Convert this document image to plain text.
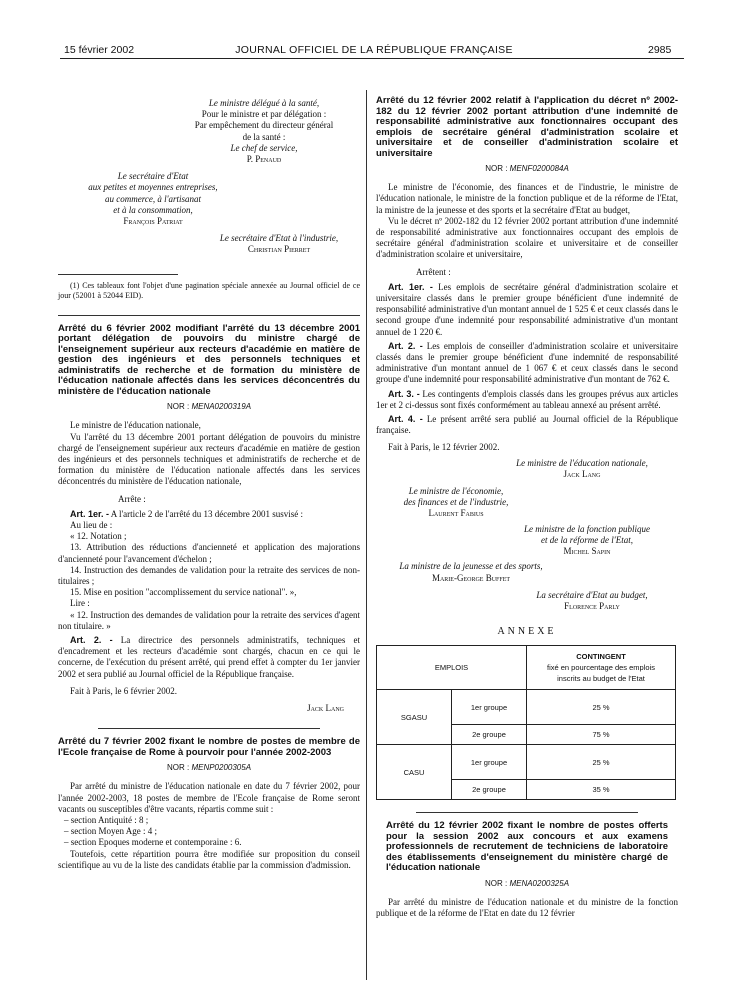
15 février 2002	JOURNAL OFFICIEL DE LA RÉPUBLIQUE FRANÇAISE	2985
Le ministre délégué à la santé,
Pour le ministre et par délégation :
Par empêchement du directeur général
de la santé :
Le chef de service,
P. Penaud
Le secrétaire d'Etat
aux petites et moyennes entreprises,
au commerce, à l'artisanat
et à la consommation,
François Patriat
Le secrétaire d'Etat à l'industrie,
Christian Pierret

(1) Ces tableaux font l'objet d'une pagination spéciale annexée au Journal officiel de ce jour (52001 à 52044 EID).

Arrêté du 6 février 2002 modifiant l'arrêté du 13 décembre 2001 portant délégation de pouvoirs du ministre chargé de l'enseignement supérieur aux recteurs d'académie en matière de gestion des ingénieurs et des personnels techniques et administratifs de recherche et de formation du ministère de l'éducation nationale affectés dans les services déconcentrés du ministère de l'éducation nationale

NOR : MENA0200319A

Le ministre de l'éducation nationale,

Vu l'arrêté du 13 décembre 2001 portant délégation de pouvoirs du ministre chargé de l'enseignement supérieur aux recteurs d'académie en matière de gestion des ingénieurs et des personnels techniques et administratifs de recherche et de formation du ministère de l'éducation nationale affectés dans les services déconcentrés du ministère de l'éducation nationale,

Arrête :

Art. 1er. - A l'article 2 de l'arrêté du 13 décembre 2001 susvisé :

Au lieu de :

« 12. Notation ;

13. Attribution des réductions d'ancienneté et application des majorations d'ancienneté pour l'avancement d'échelon ;

14. Instruction des demandes de validation pour la retraite des services de non-titulaires ;

15. Mise en position "accomplissement du service national". »,

Lire :

« 12. Instruction des demandes de validation pour la retraite des services d'agent non titulaire. »

Art. 2. - La directrice des personnels administratifs, techniques et d'encadrement et les recteurs d'académie sont chargés, chacun en ce qui le concerne, de l'exécution du présent arrêté, qui prend effet à compter du 1er janvier 2002 et sera publié au Journal officiel de la République française.

Fait à Paris, le 6 février 2002.

Jack Lang

Arrêté du 7 février 2002 fixant le nombre de postes de membre de l'Ecole française de Rome à pourvoir pour l'année 2002-2003

NOR : MENP0200305A

Par arrêté du ministre de l'éducation nationale en date du 7 février 2002, pour l'année 2002-2003, 18 postes de membre de l'Ecole française de Rome seront vacants ou susceptibles d'être vacants, répartis comme suit :

– section Antiquité : 8 ;

– section Moyen Age : 4 ;

– section Epoques moderne et contemporaine : 6.

Toutefois, cette répartition pourra être modifiée sur proposition du conseil scientifique au vu de la liste des candidats établie par la commission d'admission.

Arrêté du 12 février 2002 relatif à l'application du décret nº 2002-182 du 12 février 2002 portant attribution d'une indemnité de responsabilité administrative aux fonctionnaires occupant des emplois de secrétaire général d'administration scolaire et universitaire et de conseiller d'administration scolaire et universitaire

NOR : MENF0200084A

Le ministre de l'économie, des finances et de l'industrie, le ministre de l'éducation nationale, le ministre de la fonction publique et de la réforme de l'Etat, la ministre de la jeunesse et des sports et la secrétaire d'Etat au budget,

Vu le décret nº 2002-182 du 12 février 2002 portant attribution d'une indemnité de responsabilité administrative aux fonctionnaires occupant des emplois de secrétaire général d'administration scolaire et universitaire et de conseiller d'administration scolaire et universitaire,

Arrêtent :

Art. 1er. - Les emplois de secrétaire général d'administration scolaire et universitaire classés dans le premier groupe bénéficient d'une indemnité de responsabilité administrative d'un montant annuel de 1 525 € et ceux classés dans le second groupe d'une indemnité pour responsabilité administrative d'un montant annuel de 1 220 €.

Art. 2. - Les emplois de conseiller d'administration scolaire et universitaire classés dans le premier groupe bénéficient d'une indemnité de responsabilité administrative d'un montant annuel de 1 067 € et ceux classés dans le second groupe d'une indemnité pour responsabilité administrative d'un montant de 762 €.

Art. 3. - Les contingents d'emplois classés dans les groupes prévus aux articles 1er et 2 ci-dessus sont fixés conformément au tableau annexé au présent arrêté.

Art. 4. - Le présent arrêté sera publié au Journal officiel de la République française.

Fait à Paris, le 12 février 2002.

Le ministre de l'éducation nationale,
Jack Lang
Le ministre de l'économie,
des finances et de l'industrie,
Laurent Fabius
Le ministre de la fonction publique
et de la réforme de l'Etat,
Michel Sapin
La ministre de la jeunesse et des sports,
Marie-George Buffet
La secrétaire d'Etat au budget,
Florence Parly
ANNEXE
EMPLOIS		CONTINGENT
fixé en pourcentage des emplois
inscrits au budget de l'Etat

SGASU	1er groupe	25 %
	2e groupe	75 %
CASU	1er groupe	25 %
	2e groupe	35 %

Arrêté du 12 février 2002 fixant le nombre de postes offerts pour la session 2002 aux concours et aux examens professionnels de recrutement de techniciens de laboratoire des établissements d'enseignement du ministère chargé de l'éducation nationale

NOR : MENA0200325A

Par arrêté du ministre de l'éducation nationale et du ministre de la fonction publique et de la réforme de l'Etat en date du 12 février
